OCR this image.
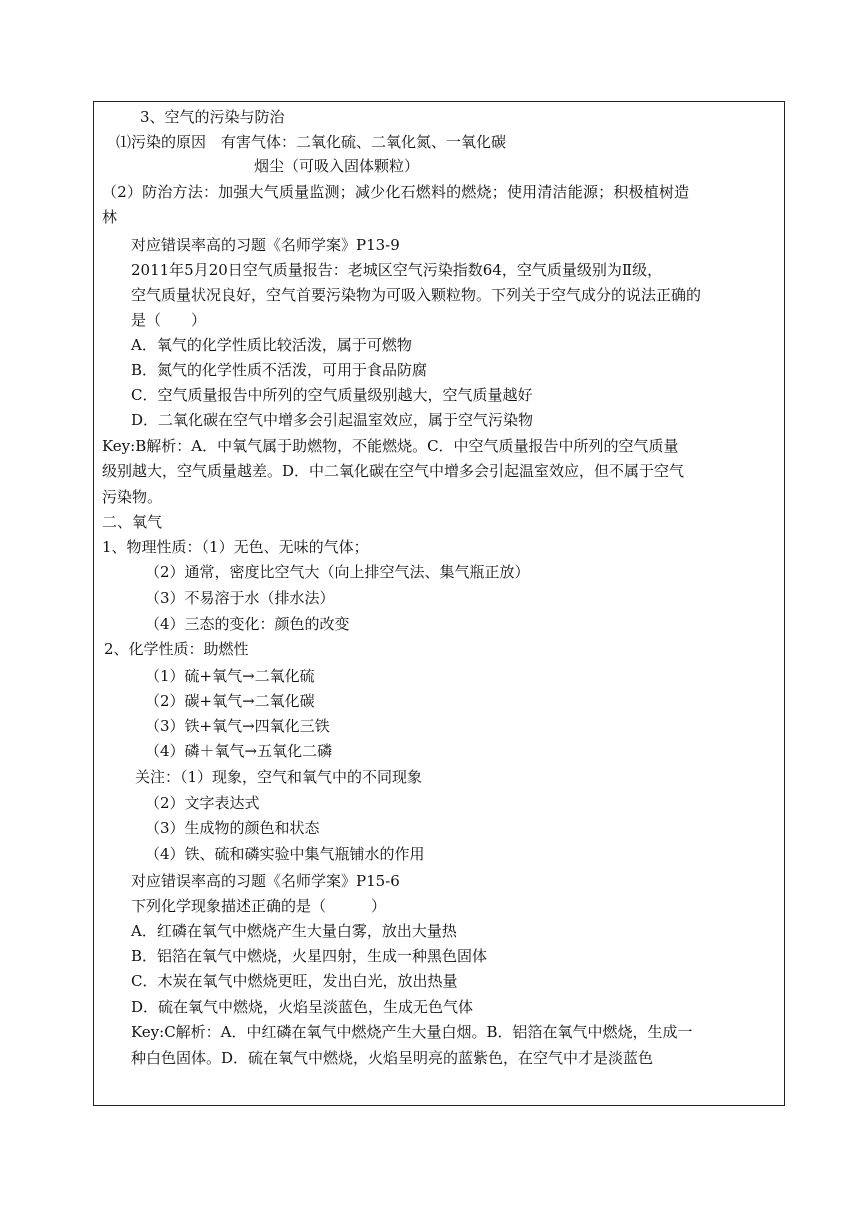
3、空气的污染与防治
⑴污染的原因　有害气体：二氧化硫、二氧化氮、一氧化碳
烟尘（可吸入固体颗粒）
（2）防治方法：加强大气质量监测；减少化石燃料的燃烧；使用清洁能源；积极植树造
林
对应错误率高的习题《名师学案》P13-9
2011年5月20日空气质量报告：老城区空气污染指数64，空气质量级别为Ⅱ级，
空气质量状况良好，空气首要污染物为可吸入颗粒物。下列关于空气成分的说法正确的
是（　　）
A．氧气的化学性质比较活泼，属于可燃物
B．氮气的化学性质不活泼，可用于食品防腐
C．空气质量报告中所列的空气质量级别越大，空气质量越好
D．二氧化碳在空气中增多会引起温室效应，属于空气污染物
Key:B解析：A．中氧气属于助燃物，不能燃烧。C．中空气质量报告中所列的空气质量
级别越大，空气质量越差。D．中二氧化碳在空气中增多会引起温室效应，但不属于空气
污染物。
二、氧气
1、物理性质：（1）无色、无味的气体；
（2）通常，密度比空气大（向上排空气法、集气瓶正放）
（3）不易溶于水（排水法）
（4）三态的变化：颜色的改变
2、化学性质：助燃性
（1）硫+氧气→二氧化硫
（2）碳+氧气→二氧化碳
（3）铁+氧气→四氧化三铁
（4）磷＋氧气→五氧化二磷
关注：（1）现象，空气和氧气中的不同现象
（2）文字表达式
（3）生成物的颜色和状态
（4）铁、硫和磷实验中集气瓶铺水的作用
对应错误率高的习题《名师学案》P15-6
下列化学现象描述正确的是（　　　）
A．红磷在氧气中燃烧产生大量白雾，放出大量热
B．铝箔在氧气中燃烧，火星四射，生成一种黑色固体
C．木炭在氧气中燃烧更旺，发出白光，放出热量
D．硫在氧气中燃烧，火焰呈淡蓝色，生成无色气体
Key:C解析：A．中红磷在氧气中燃烧产生大量白烟。B．铝箔在氧气中燃烧，生成一
种白色固体。D．硫在氧气中燃烧，火焰呈明亮的蓝紫色，在空气中才是淡蓝色
